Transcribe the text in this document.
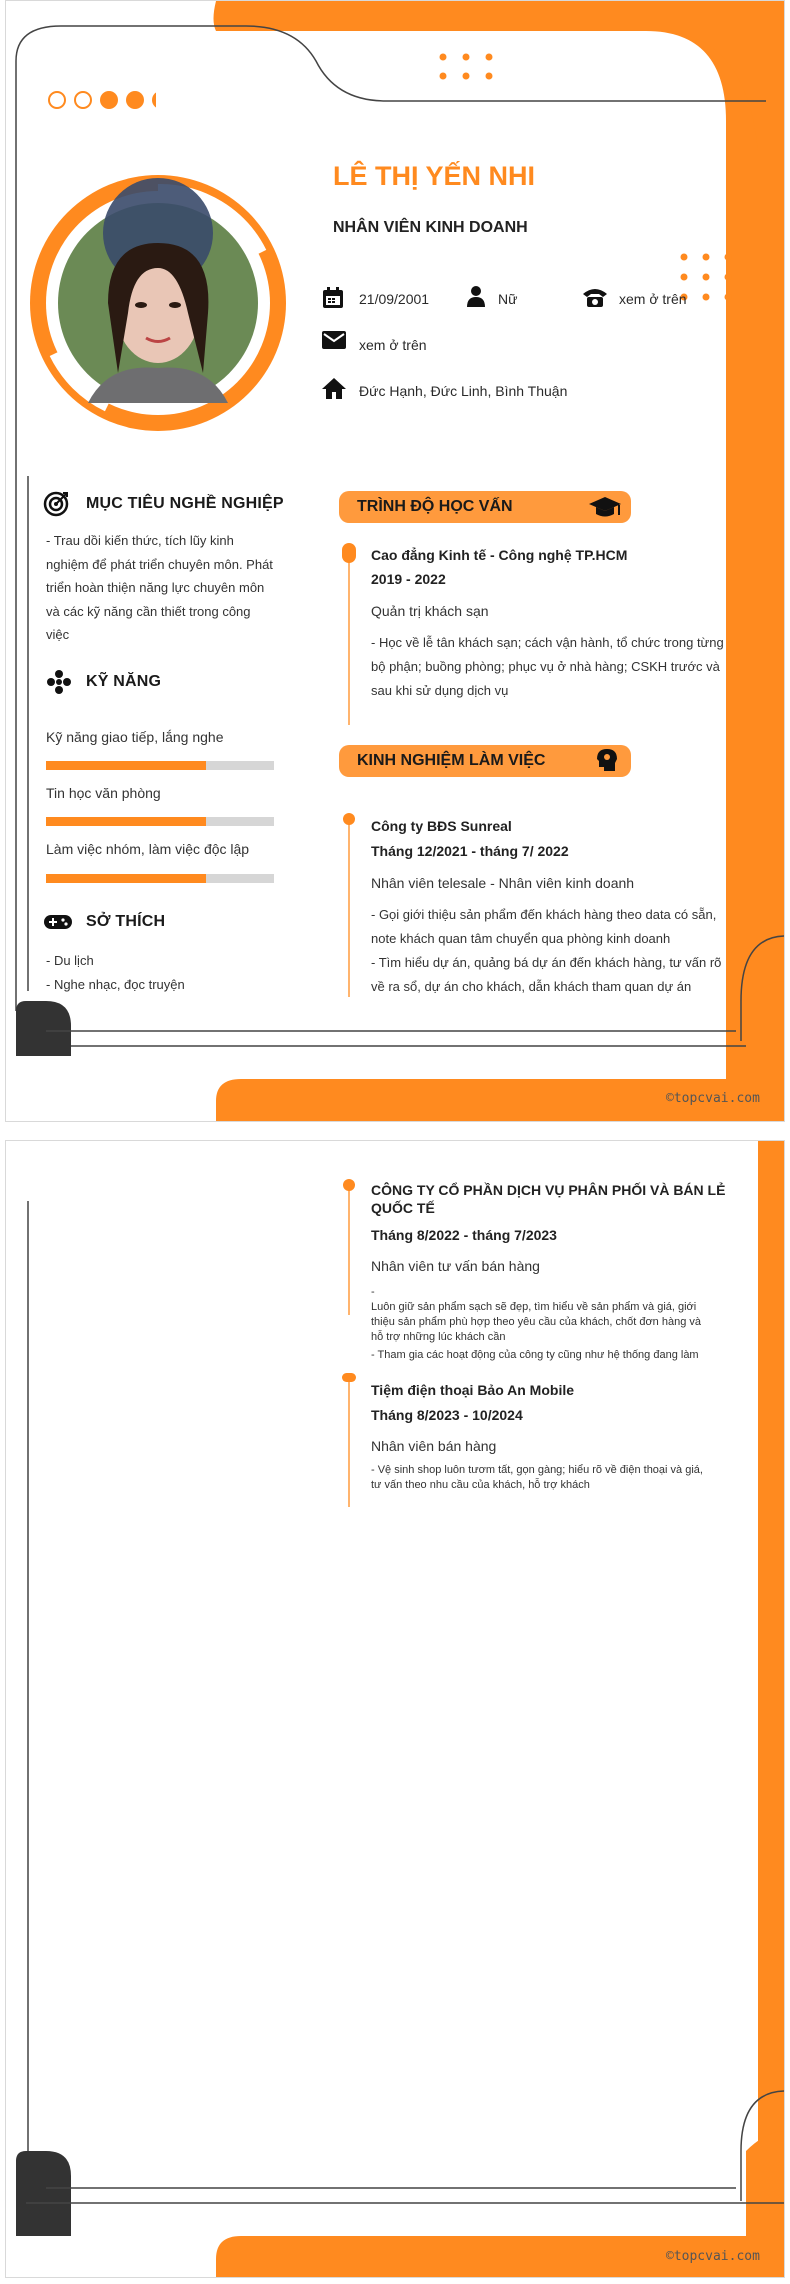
LÊ THỊ YẾN NHI
NHÂN VIÊN KINH DOANH
21/09/2001	Nữ	xem ở trên
xem ở trên
Đức Hạnh, Đức Linh, Bình Thuận
MỤC TIÊU NGHỀ NGHIỆP
- Trau dồi kiến thức, tích lũy kinh
nghiệm để phát triển chuyên môn. Phát
triển hoàn thiện năng lực chuyên môn
và các kỹ năng cần thiết trong công
việc
KỸ NĂNG
Kỹ năng giao tiếp, lắng nghe
Tin học văn phòng
Làm việc nhóm, làm việc độc lập
SỞ THÍCH
- Du lịch
- Nghe nhạc, đọc truyện
TRÌNH ĐỘ HỌC VẤN
Cao đẳng Kinh tế - Công nghệ TP.HCM
2019 - 2022
Quản trị khách sạn
- Học về lễ tân khách sạn; cách vận hành, tổ chức trong từng
bộ phận; buồng phòng; phục vụ ở nhà hàng; CSKH trước và
sau khi sử dụng dịch vụ
KINH NGHIỆM LÀM VIỆC
Công ty BĐS Sunreal
Tháng 12/2021 - tháng 7/ 2022
Nhân viên telesale - Nhân viên kinh doanh
- Gọi giới thiệu sản phẩm đến khách hàng theo data có sẵn,
note khách quan tâm chuyển qua phòng kinh doanh
- Tìm hiểu dự án, quảng bá dự án đến khách hàng, tư vấn rõ
về ra sổ, dự án cho khách, dẫn khách tham quan dự án
©topcvai.com
CÔNG TY CỔ PHẦN DỊCH VỤ PHÂN PHỐI VÀ BÁN LẺ
QUỐC TẾ
Tháng 8/2022 - tháng 7/2023
Nhân viên tư vấn bán hàng
-
Luôn giữ sản phẩm sạch sẽ đẹp, tìm hiểu về sản phẩm và giá, giới
thiệu sản phẩm phù hợp theo yêu cầu của khách, chốt đơn hàng và
hỗ trợ những lúc khách cần
- Tham gia các hoạt động của công ty cũng như hệ thống đang làm
Tiệm điện thoại Bảo An Mobile
Tháng 8/2023 - 10/2024
Nhân viên bán hàng
- Vệ sinh shop luôn tươm tất, gọn gàng; hiểu rõ về điện thoại và giá,
tư vấn theo nhu cầu của khách, hỗ trợ khách
©topcvai.com
